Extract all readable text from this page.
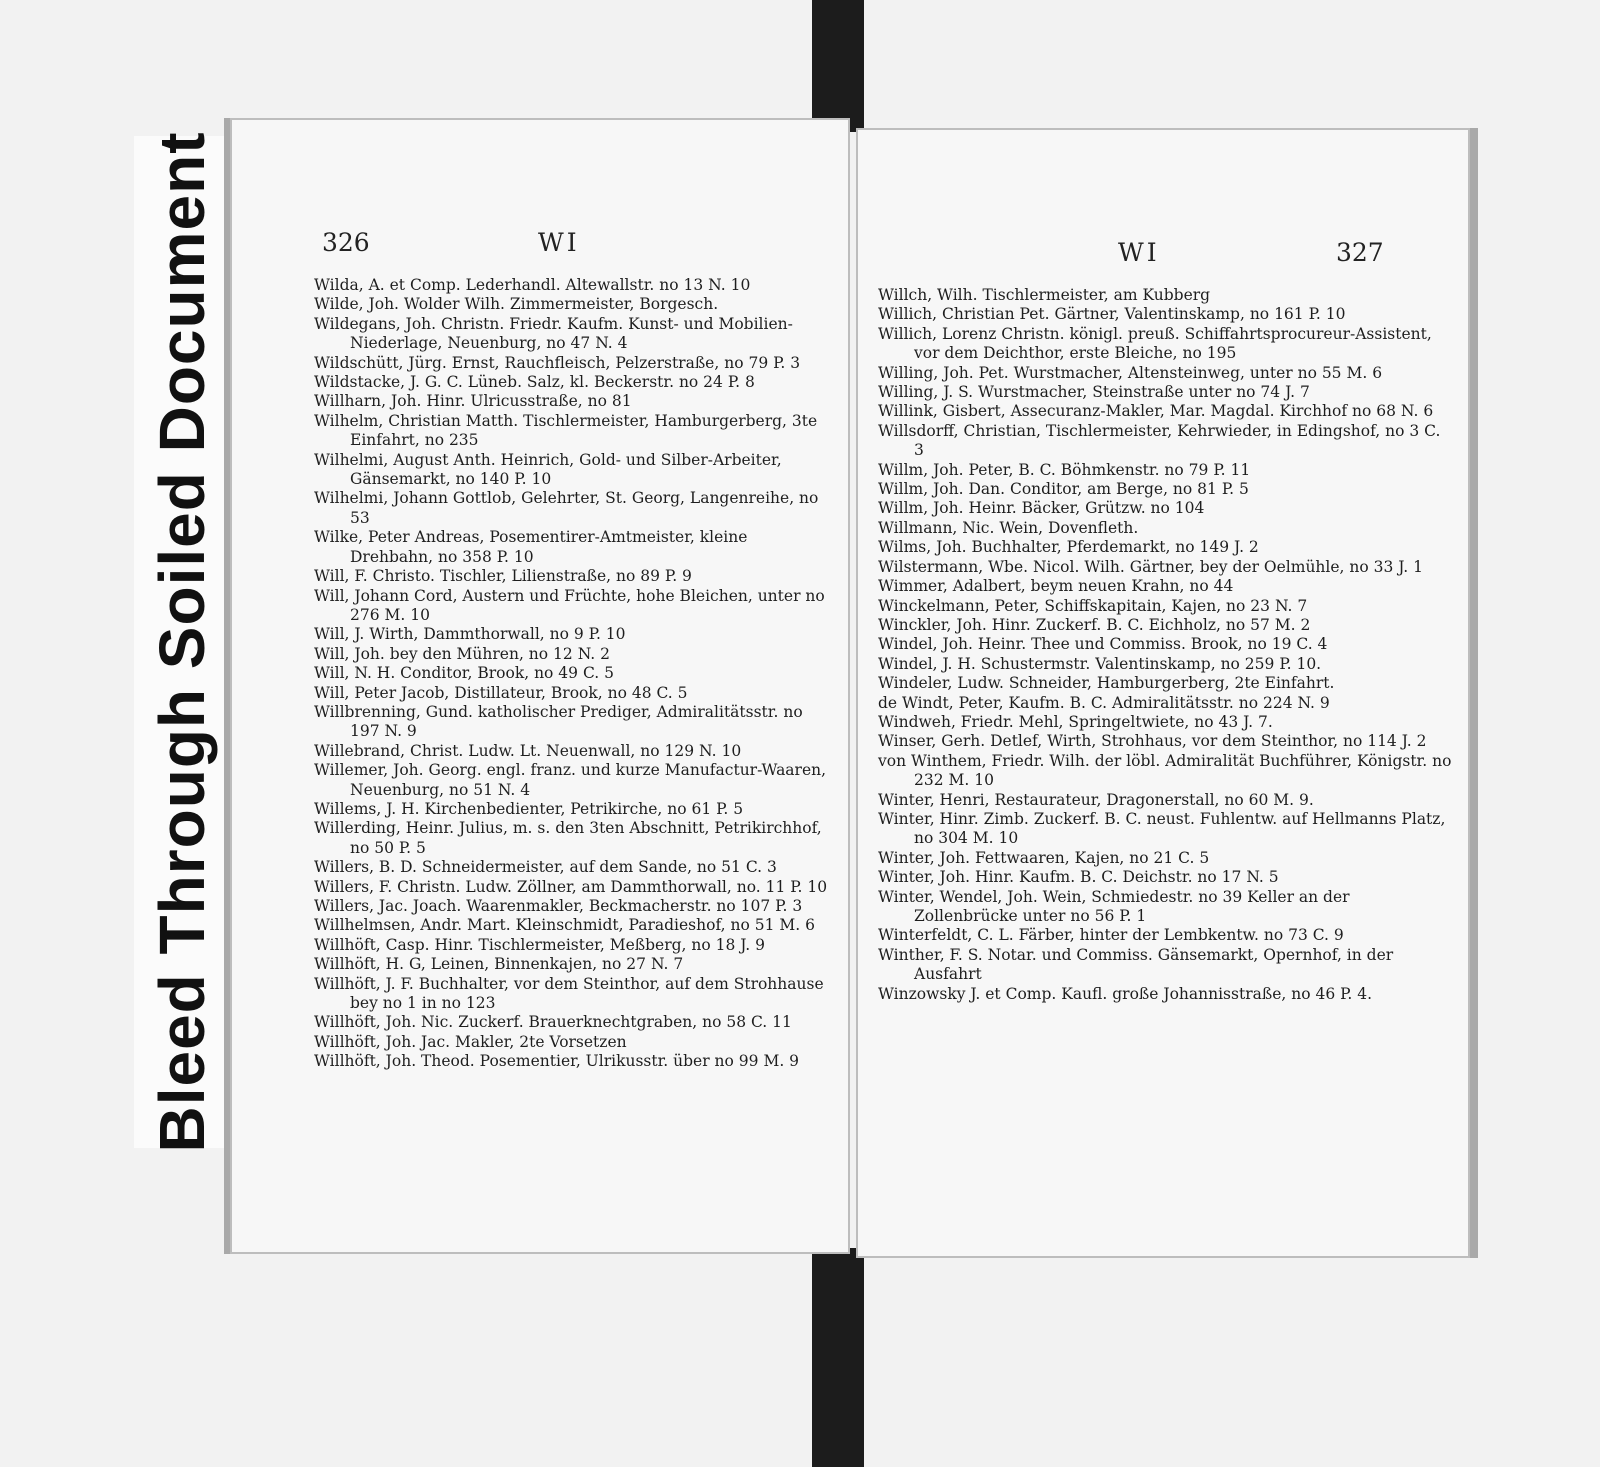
Bleed Through Soiled Document	326	WI

Wilda, A. et Comp. Lederhandl. Altewallstr. no 13 N. 10

Wilde, Joh. Wolder Wilh. Zimmermeister, Borgesch.

Wildegans, Joh. Christn. Friedr. Kaufm. Kunst- und Mobilien-Niederlage, Neuenburg, no 47 N. 4

Wildschütt, Jürg. Ernst, Rauchfleisch, Pelzerstraße, no 79 P. 3

Wildstacke, J. G. C. Lüneb. Salz, kl. Beckerstr. no 24 P. 8

Willharn, Joh. Hinr. Ulricusstraße, no 81

Wilhelm, Christian Matth. Tischlermeister, Hamburgerberg, 3te Einfahrt, no 235

Wilhelmi, August Anth. Heinrich, Gold- und Silber-Arbeiter, Gänsemarkt, no 140 P. 10

Wilhelmi, Johann Gottlob, Gelehrter, St. Georg, Langenreihe, no 53

Wilke, Peter Andreas, Posementirer-Amtmeister, kleine Drehbahn, no 358 P. 10

Will, F. Christo. Tischler, Lilienstraße, no 89 P. 9

Will, Johann Cord, Austern und Früchte, hohe Bleichen, unter no 276 M. 10

Will, J. Wirth, Dammthorwall, no 9 P. 10

Will, Joh. bey den Mühren, no 12 N. 2

Will, N. H. Conditor, Brook, no 49 C. 5

Will, Peter Jacob, Distillateur, Brook, no 48 C. 5

Willbrenning, Gund. katholischer Prediger, Admiralitätsstr. no 197 N. 9

Willebrand, Christ. Ludw. Lt. Neuenwall, no 129 N. 10

Willemer, Joh. Georg. engl. franz. und kurze Manufactur-Waaren, Neuenburg, no 51 N. 4

Willems, J. H. Kirchenbedienter, Petrikirche, no 61 P. 5

Willerding, Heinr. Julius, m. s. den 3ten Abschnitt, Petrikirchhof, no 50 P. 5

Willers, B. D. Schneidermeister, auf dem Sande, no 51 C. 3

Willers, F. Christn. Ludw. Zöllner, am Dammthorwall, no. 11 P. 10

Willers, Jac. Joach. Waarenmakler, Beckmacherstr. no 107 P. 3

Willhelmsen, Andr. Mart. Kleinschmidt, Paradieshof, no 51 M. 6

Willhöft, Casp. Hinr. Tischlermeister, Meßberg, no 18 J. 9

Willhöft, H. G, Leinen, Binnenkajen, no 27 N. 7

Willhöft, J. F. Buchhalter, vor dem Steinthor, auf dem Strohhause bey no 1 in no 123

Willhöft, Joh. Nic. Zuckerf. Brauerknechtgraben, no 58 C. 11

Willhöft, Joh. Jac. Makler, 2te Vorsetzen

Willhöft, Joh. Theod. Posementier, Ulrikusstr. über no 99 M. 9

WI	327

Willch, Wilh. Tischlermeister, am Kubberg

Willich, Christian Pet. Gärtner, Valentinskamp, no 161 P. 10

Willich, Lorenz Christn. königl. preuß. Schiffahrtsprocureur-Assistent, vor dem Deichthor, erste Bleiche, no 195

Willing, Joh. Pet. Wurstmacher, Altensteinweg, unter no 55 M. 6

Willing, J. S. Wurstmacher, Steinstraße unter no 74 J. 7

Willink, Gisbert, Assecuranz-Makler, Mar. Magdal. Kirchhof no 68 N. 6

Willsdorff, Christian, Tischlermeister, Kehrwieder, in Edingshof, no 3 C. 3

Willm, Joh. Peter, B. C. Böhmkenstr. no 79 P. 11

Willm, Joh. Dan. Conditor, am Berge, no 81 P. 5

Willm, Joh. Heinr. Bäcker, Grützw. no 104

Willmann, Nic. Wein, Dovenfleth.

Wilms, Joh. Buchhalter, Pferdemarkt, no 149 J. 2

Wilstermann, Wbe. Nicol. Wilh. Gärtner, bey der Oelmühle, no 33 J. 1

Wimmer, Adalbert, beym neuen Krahn, no 44

Winckelmann, Peter, Schiffskapitain, Kajen, no 23 N. 7

Winckler, Joh. Hinr. Zuckerf. B. C. Eichholz, no 57 M. 2

Windel, Joh. Heinr. Thee und Commiss. Brook, no 19 C. 4

Windel, J. H. Schustermstr. Valentinskamp, no 259 P. 10.

Windeler, Ludw. Schneider, Hamburgerberg, 2te Einfahrt.

de Windt, Peter, Kaufm. B. C. Admiralitätsstr. no 224 N. 9

Windweh, Friedr. Mehl, Springeltwiete, no 43 J. 7.

Winser, Gerh. Detlef, Wirth, Strohhaus, vor dem Steinthor, no 114 J. 2

von Winthem, Friedr. Wilh. der löbl. Admiralität Buchführer, Königstr. no 232 M. 10

Winter, Henri, Restaurateur, Dragonerstall, no 60 M. 9.

Winter, Hinr. Zimb. Zuckerf. B. C. neust. Fuhlentw. auf Hellmanns Platz, no 304 M. 10

Winter, Joh. Fettwaaren, Kajen, no 21 C. 5

Winter, Joh. Hinr. Kaufm. B. C. Deichstr. no 17 N. 5

Winter, Wendel, Joh. Wein, Schmiedestr. no 39 Keller an der Zollenbrücke unter no 56 P. 1

Winterfeldt, C. L. Färber, hinter der Lembkentw. no 73 C. 9

Winther, F. S. Notar. und Commiss. Gänsemarkt, Opernhof, in der Ausfahrt

Winzowsky J. et Comp. Kaufl. große Johannisstraße, no 46 P. 4.
